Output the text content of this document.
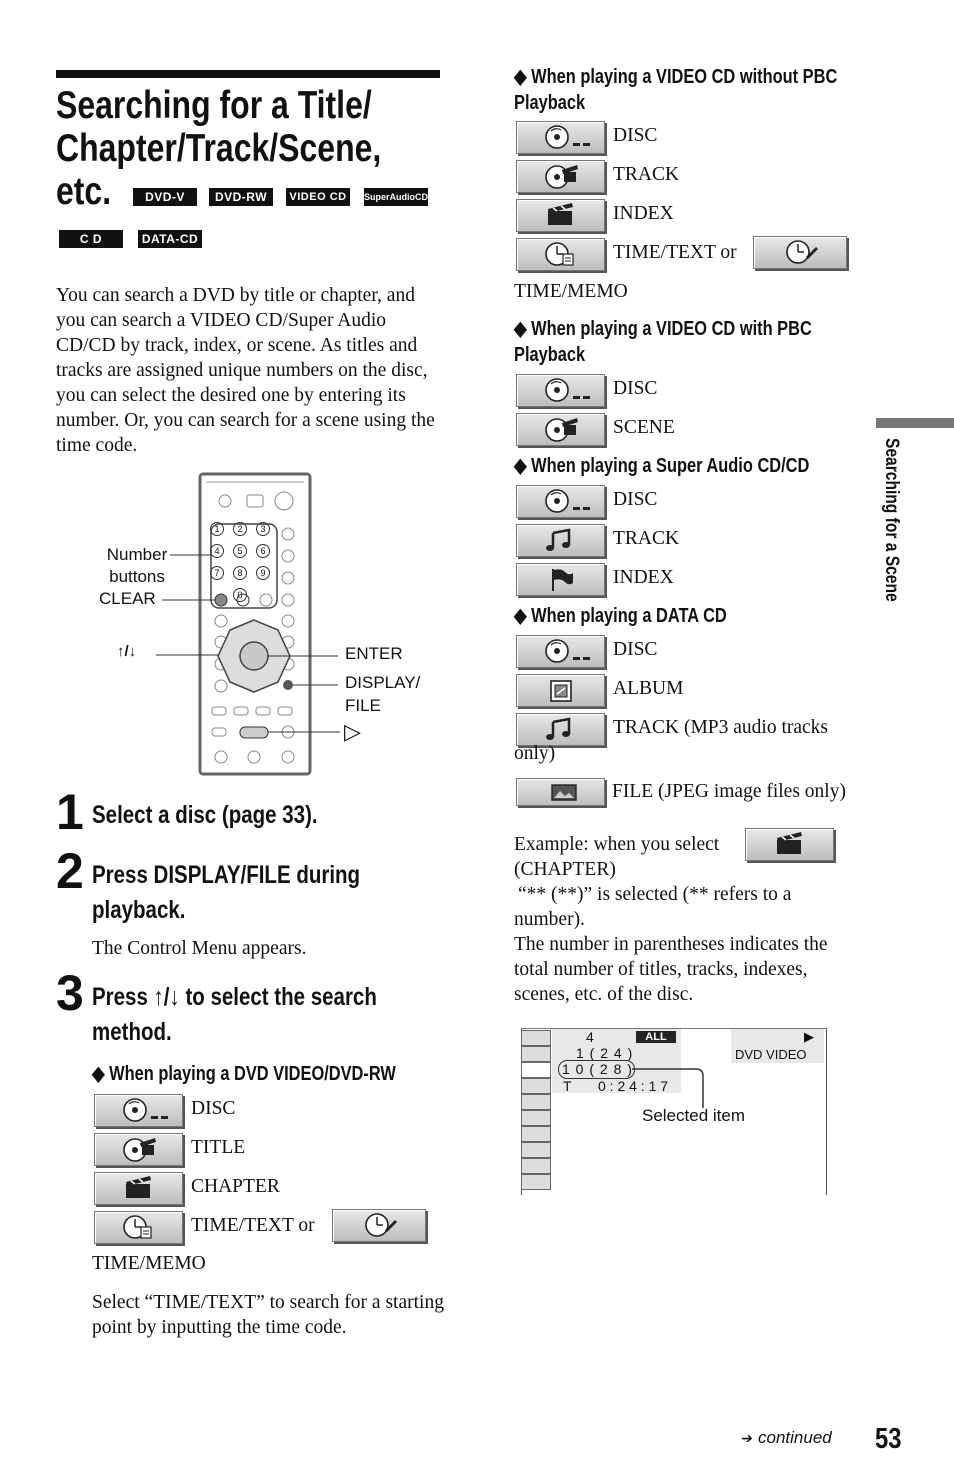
Searching for a Title/
Chapter/Track/Scene,
etc.	DVD-V	DVD-RW	VIDEO CD	SuperAudioCD
C D	DATA-CD
You can search a DVD by title or chapter, and you can search a VIDEO CD/Super Audio CD/CD by track, index, or scene. As titles and tracks are assigned unique numbers on the disc, you can select the desired one by entering its number. Or, you can search for a scene using the time code.
1	2	3
4	5	6
7	8	9
0
Number buttons
CLEAR
↑/↓	ENTER
DISPLAY/ FILE
▷
1 Select a disc (page 33).
2 Press DISPLAY/FILE during
playback.
The Control Menu appears.
3 Press ↑/↓ to select the search
method.
◆ When playing a DVD VIDEO/DVD-RW
DISC
TITLE
CHAPTER
TIME/TEXT or
TIME/MEMO
Select “TIME/TEXT” to search for a starting point by inputting the time code.
◆ When playing a VIDEO CD without PBC
Playback
DISC
TRACK
INDEX
TIME/TEXT or
TIME/MEMO
◆ When playing a VIDEO CD with PBC
Playback
DISC
SCENE
◆ When playing a Super Audio CD/CD
DISC
TRACK
INDEX
◆ When playing a DATA CD
DISC
ALBUM
TRACK (MP3 audio tracks
only)
FILE (JPEG image files only)
Example: when you select
(CHAPTER)
“** (**)” is selected (** refers to a
number).
The number in parentheses indicates the
total number of titles, tracks, indexes,
scenes, etc. of the disc.
4	ALL
1 ( 2 4 )
1 0 ( 2 8 )
T 0 : 2 4 : 1 7
▶
DVD VIDEO
Selected item
Searching for a Scene
➔ continued 53
